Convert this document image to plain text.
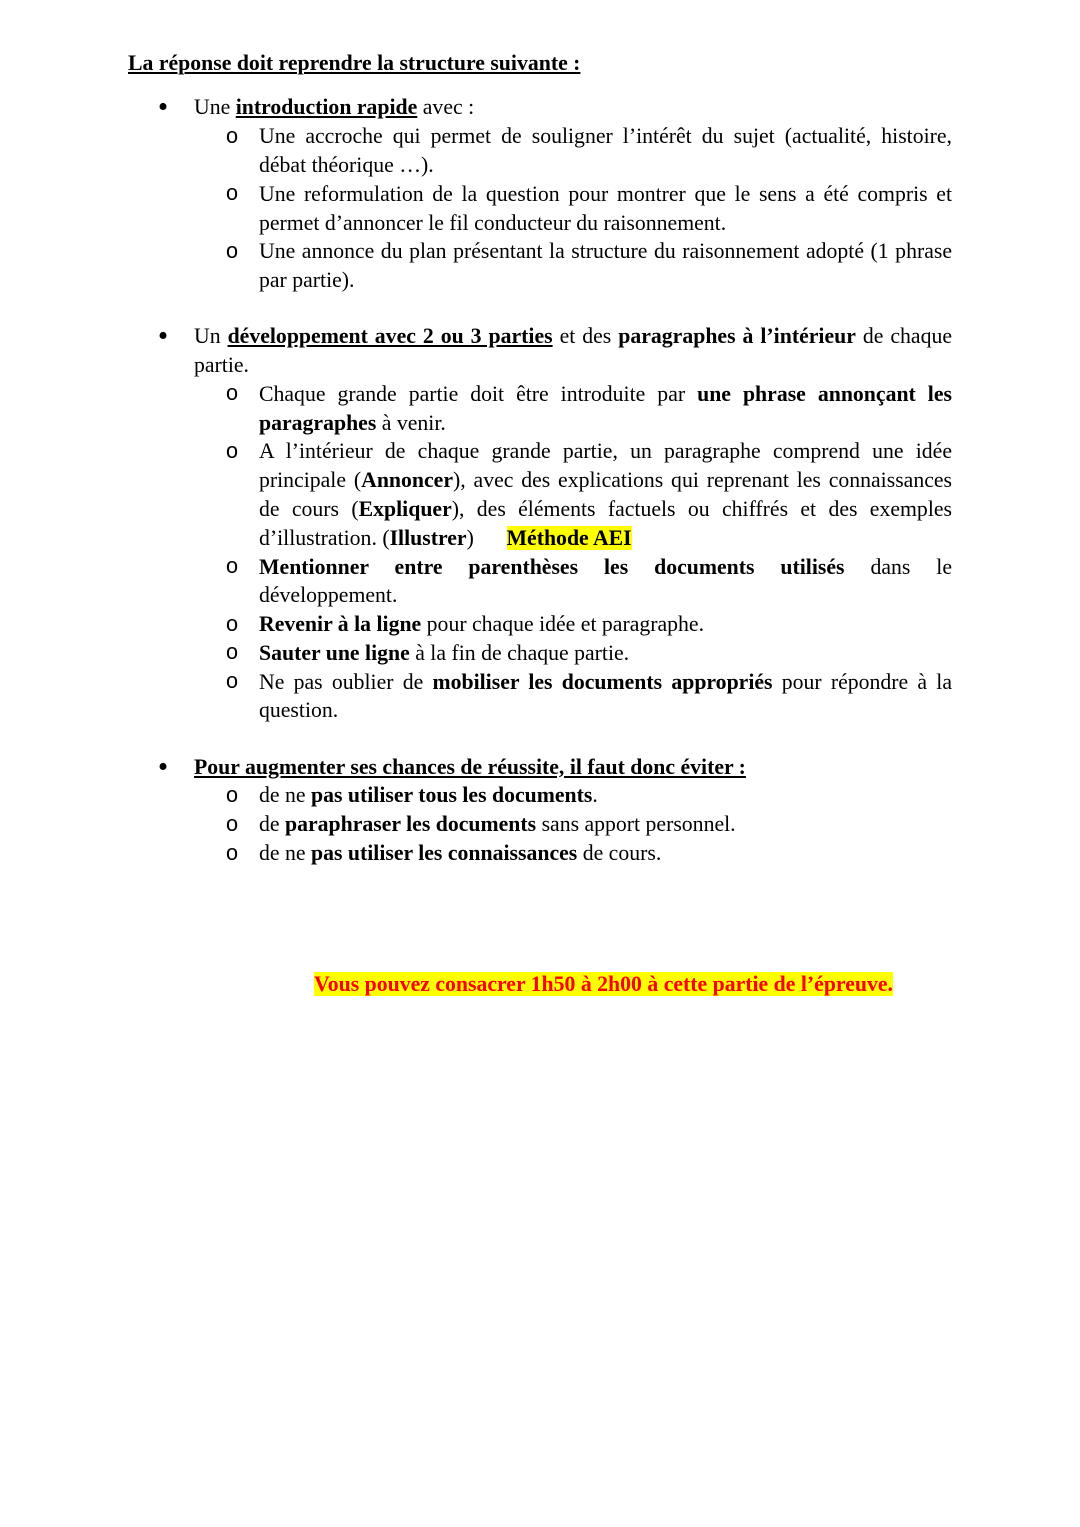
La réponse doit reprendre la structure suivante :

• Une introduction rapide avec :

o Une accroche qui permet de souligner l’intérêt du sujet (actualité, histoire, débat théorique …).

o Une reformulation de la question pour montrer que le sens a été compris et permet d’annoncer le fil conducteur du raisonnement.

o Une annonce du plan présentant la structure du raisonnement adopté (1 phrase par partie).

• Un développement avec 2 ou 3 parties et des paragraphes à l’intérieur de chaque partie.

o Chaque grande partie doit être introduite par une phrase annonçant les paragraphes à venir.

o A l’intérieur de chaque grande partie, un paragraphe comprend une idée principale (Annoncer), avec des explications qui reprenant les connaissances de cours (Expliquer), des éléments factuels ou chiffrés et des exemples d’illustration. (Illustrer) Méthode AEI

o Mentionner entre parenthèses les documents utilisés dans le développement.

o Revenir à la ligne pour chaque idée et paragraphe.

o Sauter une ligne à la fin de chaque partie.

o Ne pas oublier de mobiliser les documents appropriés pour répondre à la question.

• Pour augmenter ses chances de réussite, il faut donc éviter :

o de ne pas utiliser tous les documents.

o de paraphraser les documents sans apport personnel.

o de ne pas utiliser les connaissances de cours.

Vous pouvez consacrer 1h50 à 2h00 à cette partie de l’épreuve.
